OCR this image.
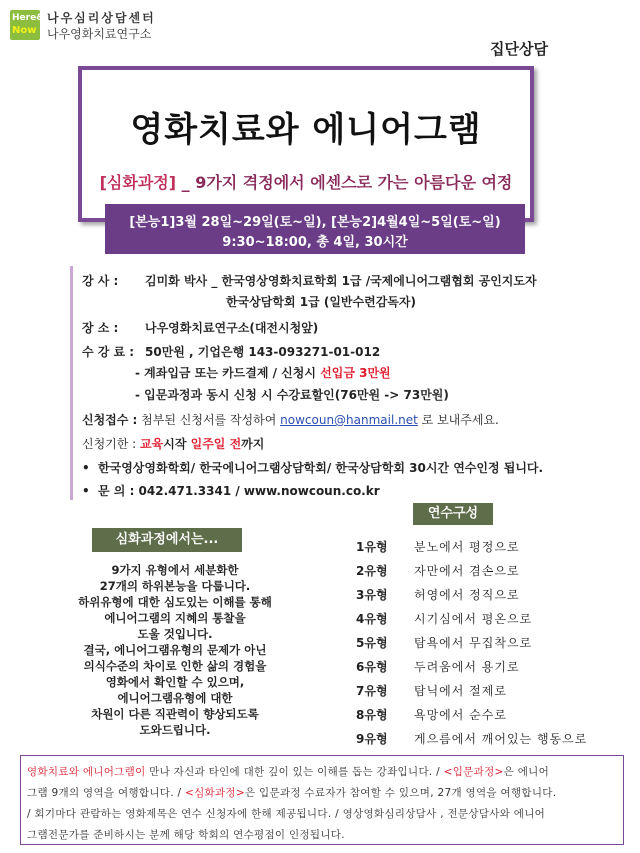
Here&
Now
나우심리상담센터
나우영화치료연구소
집단상담
영화치료와 에니어그램
[심화과정] _ 9가지 격정에서 에센스로 가는 아름다운 여정
[본능1]3월 28일~29일(토~일), [본능2]4월4일~5일(토~일)
9:30~18:00, 총 4일, 30시간
강 사 : 김미화 박사 _ 한국영상영화치료학회 1급 /국제에니어그램협회 공인지도자
한국상담학회 1급 (일반수련감독자)
장 소 : 나우영화치료연구소(대전시청앞)
수 강 료 : 50만원 , 기업은행 143-093271-01-012
- 계좌입금 또는 카드결제 / 신청시 선입금 3만원
- 입문과정과 동시 신청 시 수강료할인(76만원 -> 73만원)
신청접수 : 첨부된 신청서를 작성하여 nowcoun@hanmail.net 로 보내주세요.
신청기한 : 교육시작 일주일 전까지
•  한국영상영화학회/ 한국에니어그램상담학회/ 한국상담학회 30시간 연수인정 됩니다.
•  문 의 : 042.471.3341 / www.nowcoun.co.kr
심화과정에서는...
9가지 유형에서 세분화한
27개의 하위본능을 다룹니다.
하위유형에 대한 심도있는 이해를 통해
에니어그램의 지혜의 통찰을
도울 것입니다.
결국, 에니어그램유형의 문제가 아닌
의식수준의 차이로 인한 삶의 경험을
영화에서 확인할 수 있으며,
에니어그램유형에 대한
차원이 다른 직관력이 향상되도록
도와드립니다.
연수구성
1유형 분노에서 평정으로
2유형 자만에서 겸손으로
3유형 허영에서 정직으로
4유형 시기심에서 평온으로
5유형 탐욕에서 무집착으로
6유형 두려움에서 용기로
7유형 탐닉에서 절제로
8유형 욕망에서 순수로
9유형 게으름에서 깨어있는 행동으로
영화치료와 에니어그램이 만나 자신과 타인에 대한 깊이 있는 이해를 돕는 강좌입니다. / <입문과정>은 에니어
그램 9개의 영역을 여행합니다. / <심화과정>은 입문과정 수료자가 참여할 수 있으며, 27개 영역을 여행합니다.
/ 회기마다 관람하는 영화제목은 연수 신청자에 한해 제공됩니다. / 영상영화심리상담사 , 전문상담사와 에니어
그램전문가를 준비하시는 분께 해당 학회의 연수평점이 인정됩니다.
